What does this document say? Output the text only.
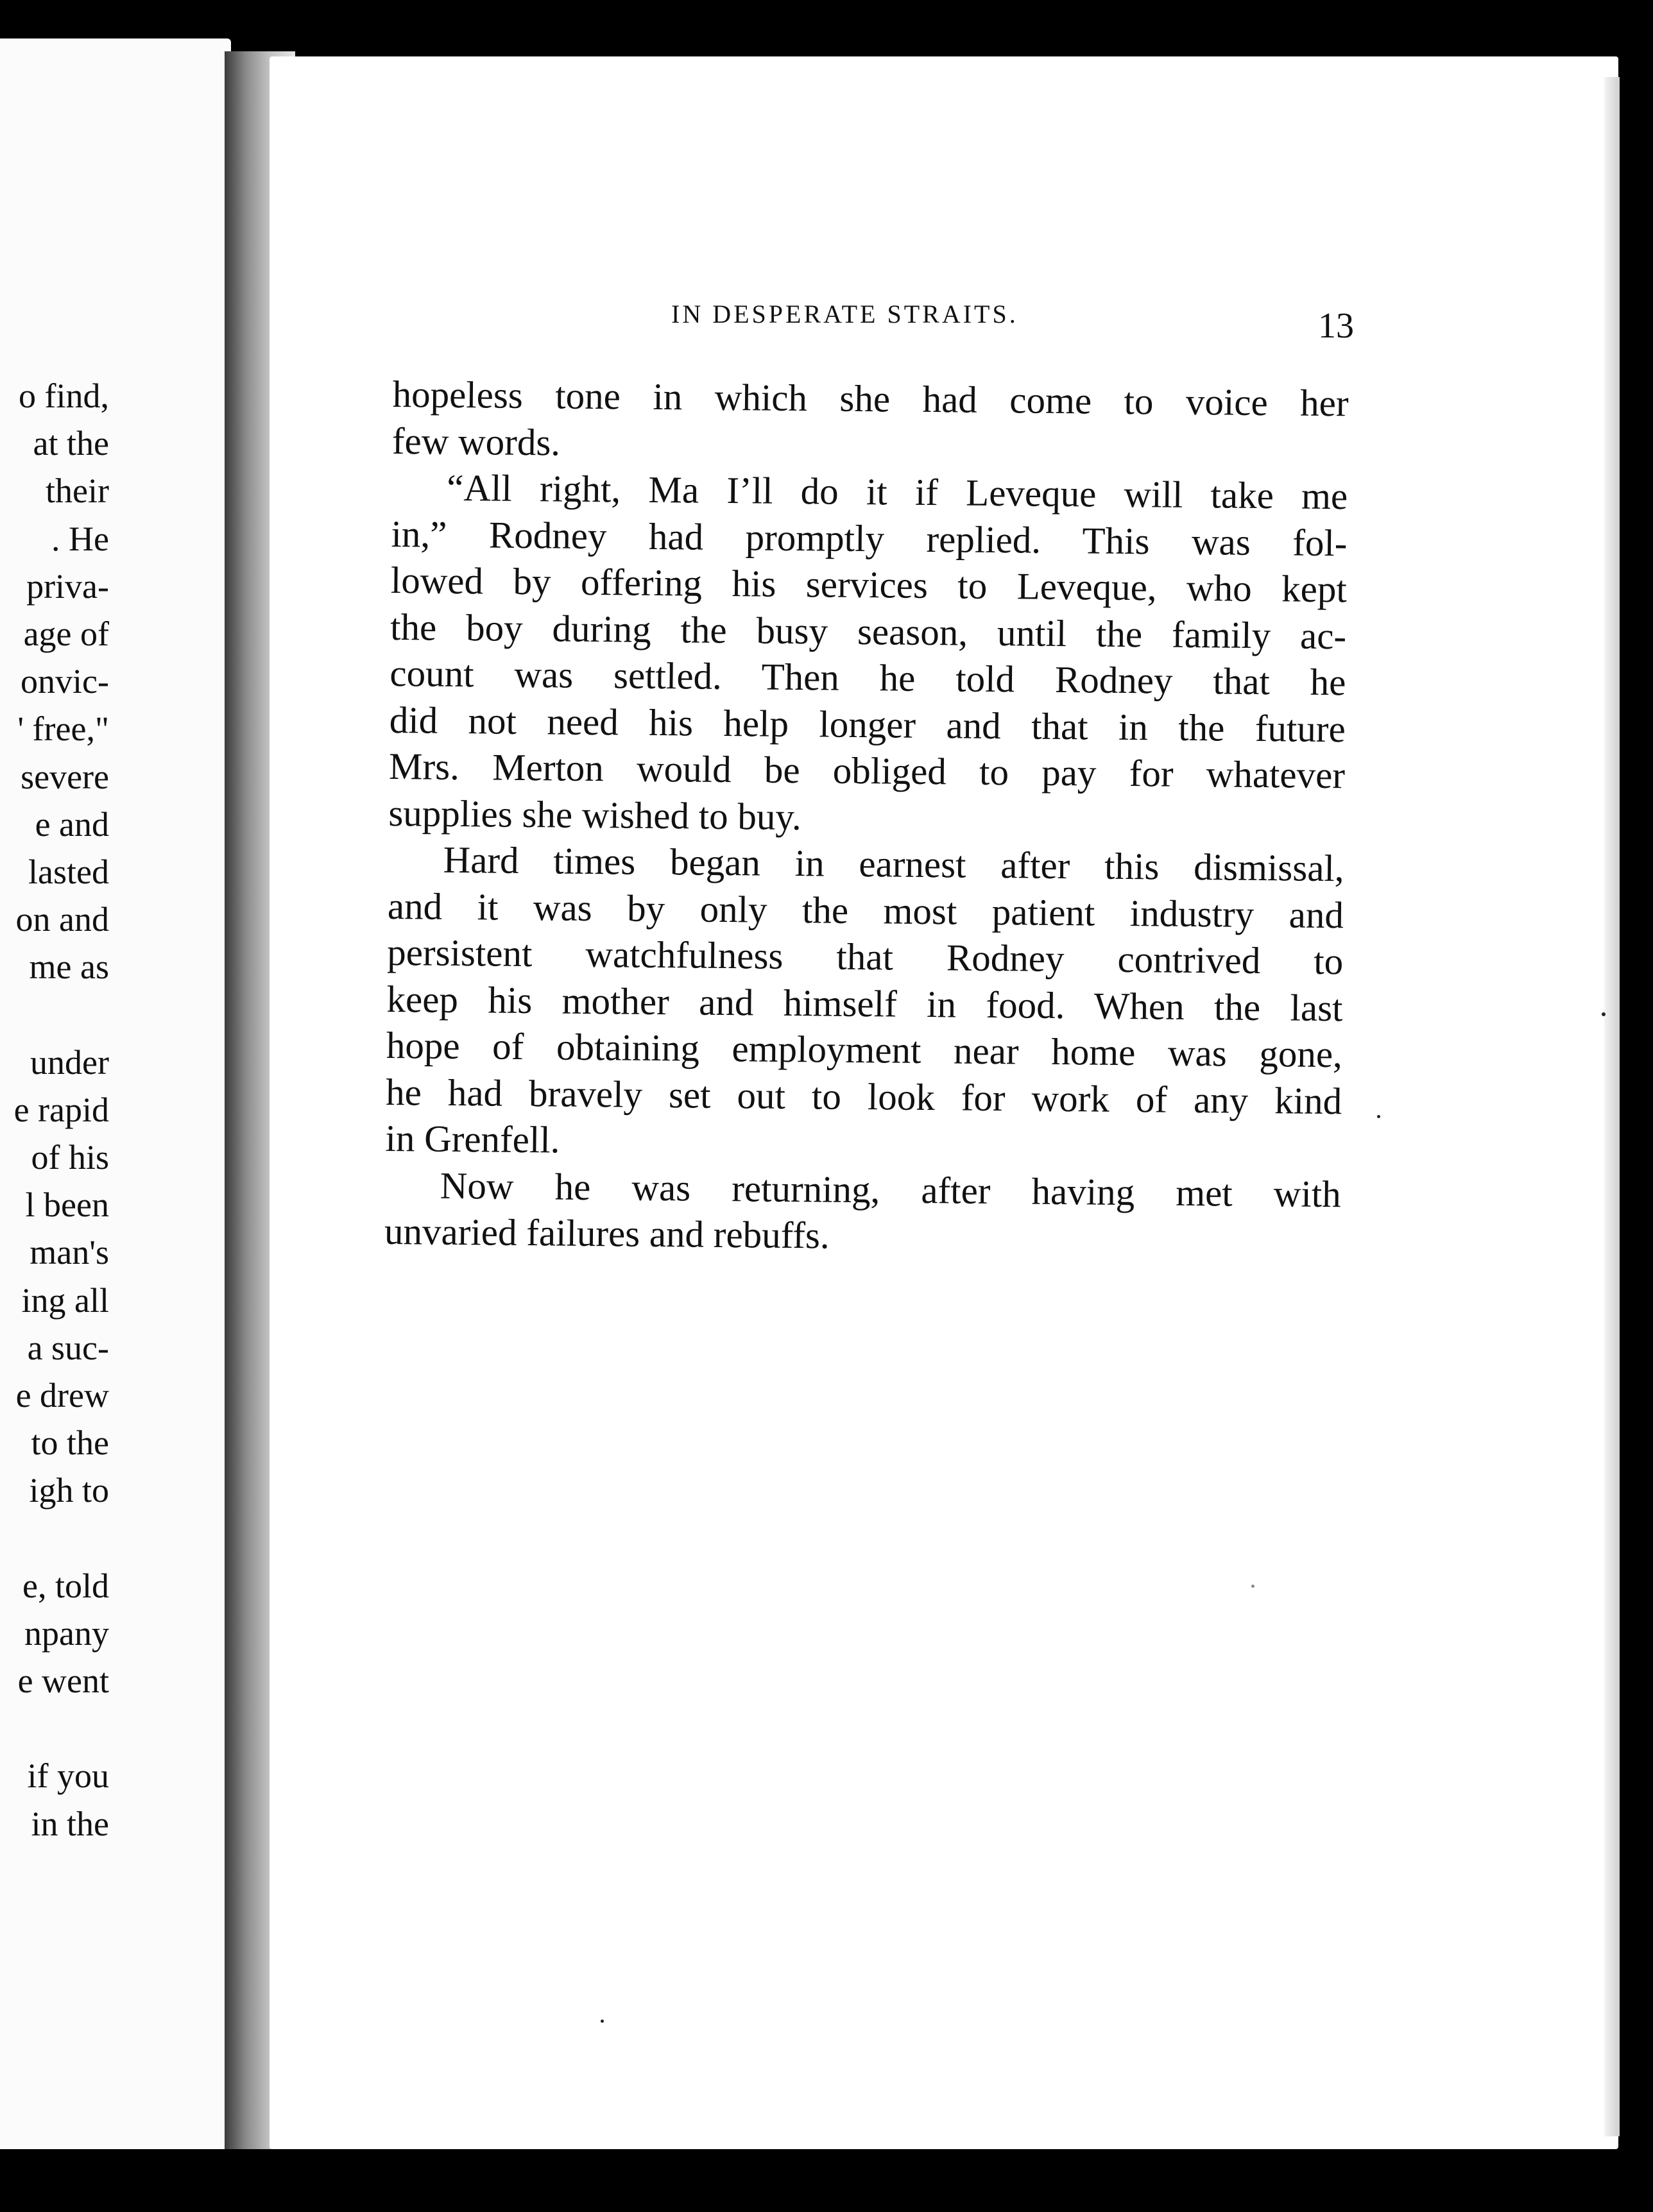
o find,
at the
their
. He
priva-
age of
onvic-
' free,"
severe
e and
lasted
on and
me as
under
e rapid
of his
l been
man's
ing all
a suc-
e drew
to the
igh to
e, told
npany
e went
if you
in the
IN DESPERATE STRAITS.	13
hopeless tone in which she had come to voice her
few words.
“All right, Ma I’ll do it if Leveque will take me
in,” Rodney had promptly replied. This was fol-
lowed by offering his services to Leveque, who kept
the boy during the busy season, until the family ac-
count was settled. Then he told Rodney that he
did not need his help longer and that in the future
Mrs. Merton would be obliged to pay for whatever
supplies she wished to buy.
Hard times began in earnest after this dismissal,
and it was by only the most patient industry and
persistent watchfulness that Rodney contrived to
keep his mother and himself in food. When the last
hope of obtaining employment near home was gone,
he had bravely set out to look for work of any kind
in Grenfell.
Now he was returning, after having met with
unvaried failures and rebuffs.
